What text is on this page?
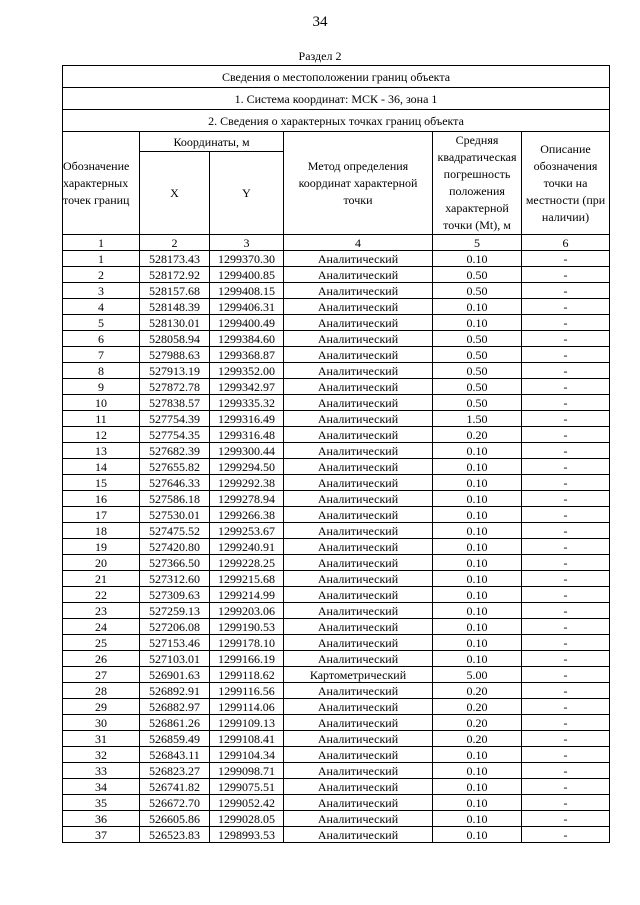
34
Раздел 2
Сведения о местоположении границ объекта					
1. Система координат: МСК - 36, зона 1					
2. Сведения о характерных точках границ объекта					
Обозначение характерных точек границ	Координаты, м		Метод определения координат характерной точки	Средняя квадратическая погрешность положения характерной точки (Mt), м	Описание обозначения точки на местности (при наличии)
	X	Y			
1	2	3	4	5	6
1	528173.43	1299370.30	Аналитический	0.10	-
2	528172.92	1299400.85	Аналитический	0.50	-
3	528157.68	1299408.15	Аналитический	0.50	-
4	528148.39	1299406.31	Аналитический	0.10	-
5	528130.01	1299400.49	Аналитический	0.10	-
6	528058.94	1299384.60	Аналитический	0.50	-
7	527988.63	1299368.87	Аналитический	0.50	-
8	527913.19	1299352.00	Аналитический	0.50	-
9	527872.78	1299342.97	Аналитический	0.50	-
10	527838.57	1299335.32	Аналитический	0.50	-
11	527754.39	1299316.49	Аналитический	1.50	-
12	527754.35	1299316.48	Аналитический	0.20	-
13	527682.39	1299300.44	Аналитический	0.10	-
14	527655.82	1299294.50	Аналитический	0.10	-
15	527646.33	1299292.38	Аналитический	0.10	-
16	527586.18	1299278.94	Аналитический	0.10	-
17	527530.01	1299266.38	Аналитический	0.10	-
18	527475.52	1299253.67	Аналитический	0.10	-
19	527420.80	1299240.91	Аналитический	0.10	-
20	527366.50	1299228.25	Аналитический	0.10	-
21	527312.60	1299215.68	Аналитический	0.10	-
22	527309.63	1299214.99	Аналитический	0.10	-
23	527259.13	1299203.06	Аналитический	0.10	-
24	527206.08	1299190.53	Аналитический	0.10	-
25	527153.46	1299178.10	Аналитический	0.10	-
26	527103.01	1299166.19	Аналитический	0.10	-
27	526901.63	1299118.62	Картометрический	5.00	-
28	526892.91	1299116.56	Аналитический	0.20	-
29	526882.97	1299114.06	Аналитический	0.20	-
30	526861.26	1299109.13	Аналитический	0.20	-
31	526859.49	1299108.41	Аналитический	0.20	-
32	526843.11	1299104.34	Аналитический	0.10	-
33	526823.27	1299098.71	Аналитический	0.10	-
34	526741.82	1299075.51	Аналитический	0.10	-
35	526672.70	1299052.42	Аналитический	0.10	-
36	526605.86	1299028.05	Аналитический	0.10	-
37	526523.83	1298993.53	Аналитический	0.10	-
